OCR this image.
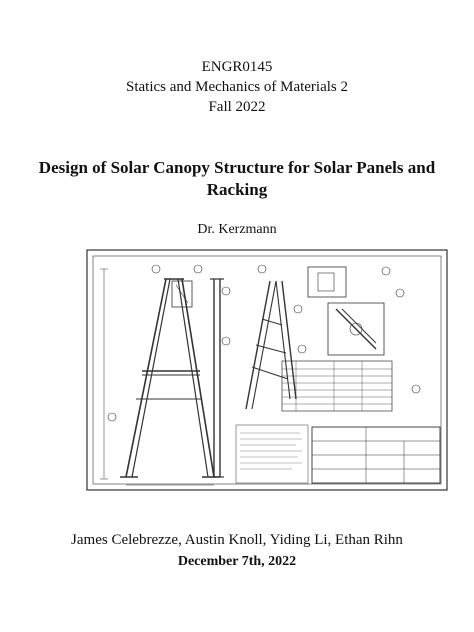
ENGR0145
Statics and Mechanics of Materials 2
Fall 2022
Design of Solar Canopy Structure for Solar Panels and
Racking
Dr. Kerzmann
James Celebrezze, Austin Knoll, Yiding Li, Ethan Rihn
December 7th, 2022
